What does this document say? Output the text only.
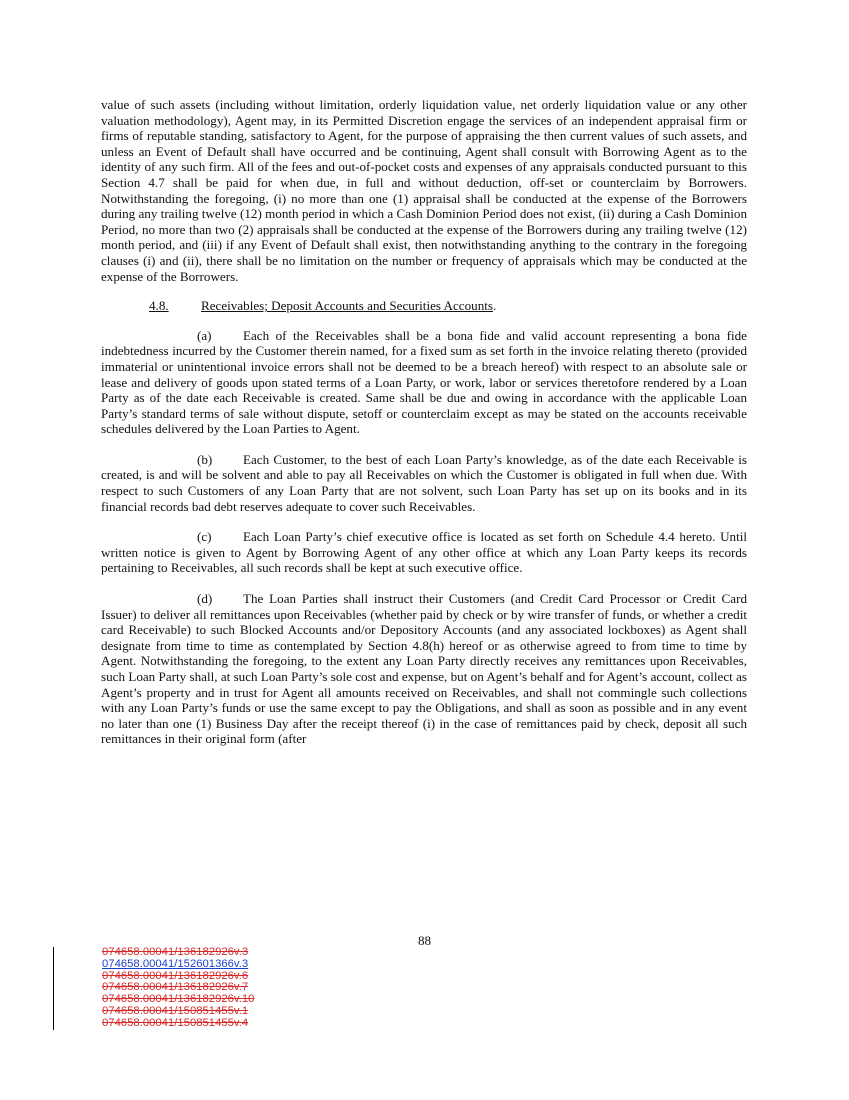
value of such assets (including without limitation, orderly liquidation value, net orderly liquidation value or any other valuation methodology), Agent may, in its Permitted Discretion engage the services of an independent appraisal firm or firms of reputable standing, satisfactory to Agent, for the purpose of appraising the then current values of such assets, and unless an Event of Default shall have occurred and be continuing, Agent shall consult with Borrowing Agent as to the identity of any such firm. All of the fees and out-of-pocket costs and expenses of any appraisals conducted pursuant to this Section 4.7 shall be paid for when due, in full and without deduction, off-set or counterclaim by Borrowers. Notwithstanding the foregoing, (i) no more than one (1) appraisal shall be conducted at the expense of the Borrowers during any trailing twelve (12) month period in which a Cash Dominion Period does not exist, (ii) during a Cash Dominion Period, no more than two (2) appraisals shall be conducted at the expense of the Borrowers during any trailing twelve (12) month period, and (iii) if any Event of Default shall exist, then notwithstanding anything to the contrary in the foregoing clauses (i) and (ii), there shall be no limitation on the number or frequency of appraisals which may be conducted at the expense of the Borrowers.

4.8. Receivables; Deposit Accounts and Securities Accounts.

(a) Each of the Receivables shall be a bona fide and valid account representing a bona fide indebtedness incurred by the Customer therein named, for a fixed sum as set forth in the invoice relating thereto (provided immaterial or unintentional invoice errors shall not be deemed to be a breach hereof) with respect to an absolute sale or lease and delivery of goods upon stated terms of a Loan Party, or work, labor or services theretofore rendered by a Loan Party as of the date each Receivable is created. Same shall be due and owing in accordance with the applicable Loan Party’s standard terms of sale without dispute, setoff or counterclaim except as may be stated on the accounts receivable schedules delivered by the Loan Parties to Agent.

(b) Each Customer, to the best of each Loan Party’s knowledge, as of the date each Receivable is created, is and will be solvent and able to pay all Receivables on which the Customer is obligated in full when due. With respect to such Customers of any Loan Party that are not solvent, such Loan Party has set up on its books and in its financial records bad debt reserves adequate to cover such Receivables.

(c) Each Loan Party’s chief executive office is located as set forth on Schedule 4.4 hereto. Until written notice is given to Agent by Borrowing Agent of any other office at which any Loan Party keeps its records pertaining to Receivables, all such records shall be kept at such executive office.

(d) The Loan Parties shall instruct their Customers (and Credit Card Processor or Credit Card Issuer) to deliver all remittances upon Receivables (whether paid by check or by wire transfer of funds, or whether a credit card Receivable) to such Blocked Accounts and/or Depository Accounts (and any associated lockboxes) as Agent shall designate from time to time as contemplated by Section 4.8(h) hereof or as otherwise agreed to from time to time by Agent. Notwithstanding the foregoing, to the extent any Loan Party directly receives any remittances upon Receivables, such Loan Party shall, at such Loan Party’s sole cost and expense, but on Agent’s behalf and for Agent’s account, collect as Agent’s property and in trust for Agent all amounts received on Receivables, and shall not commingle such collections with any Loan Party’s funds or use the same except to pay the Obligations, and shall as soon as possible and in any event no later than one (1) Business Day after the receipt thereof (i) in the case of remittances paid by check, deposit all such remittances in their original form (after

88
074658.00041/136182926v.3
074658.00041/152601366v.3
074658.00041/136182926v.6
074658.00041/136182926v.7
074658.00041/136182926v.10
074658.00041/150851455v.1
074658.00041/150851455v.4
